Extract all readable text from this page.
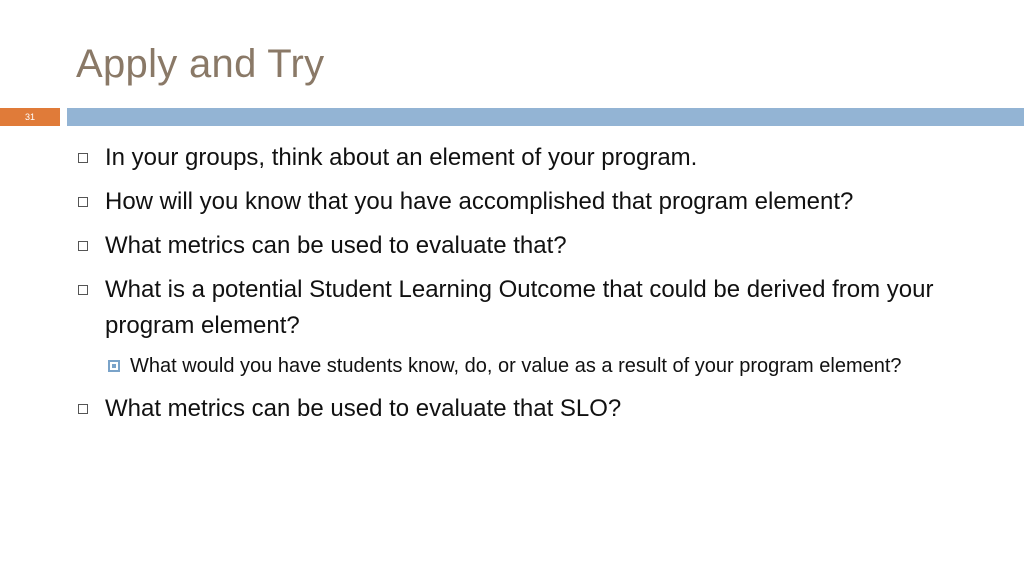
Apply and Try
31
In your groups, think about an element of your program.
How will you know that you have accomplished that program element?
What metrics can be used to evaluate that?
What is a potential Student Learning Outcome that could be derived from your program element?
What would you have students know, do, or value as a result of your program element?
What metrics can be used to evaluate that SLO?
